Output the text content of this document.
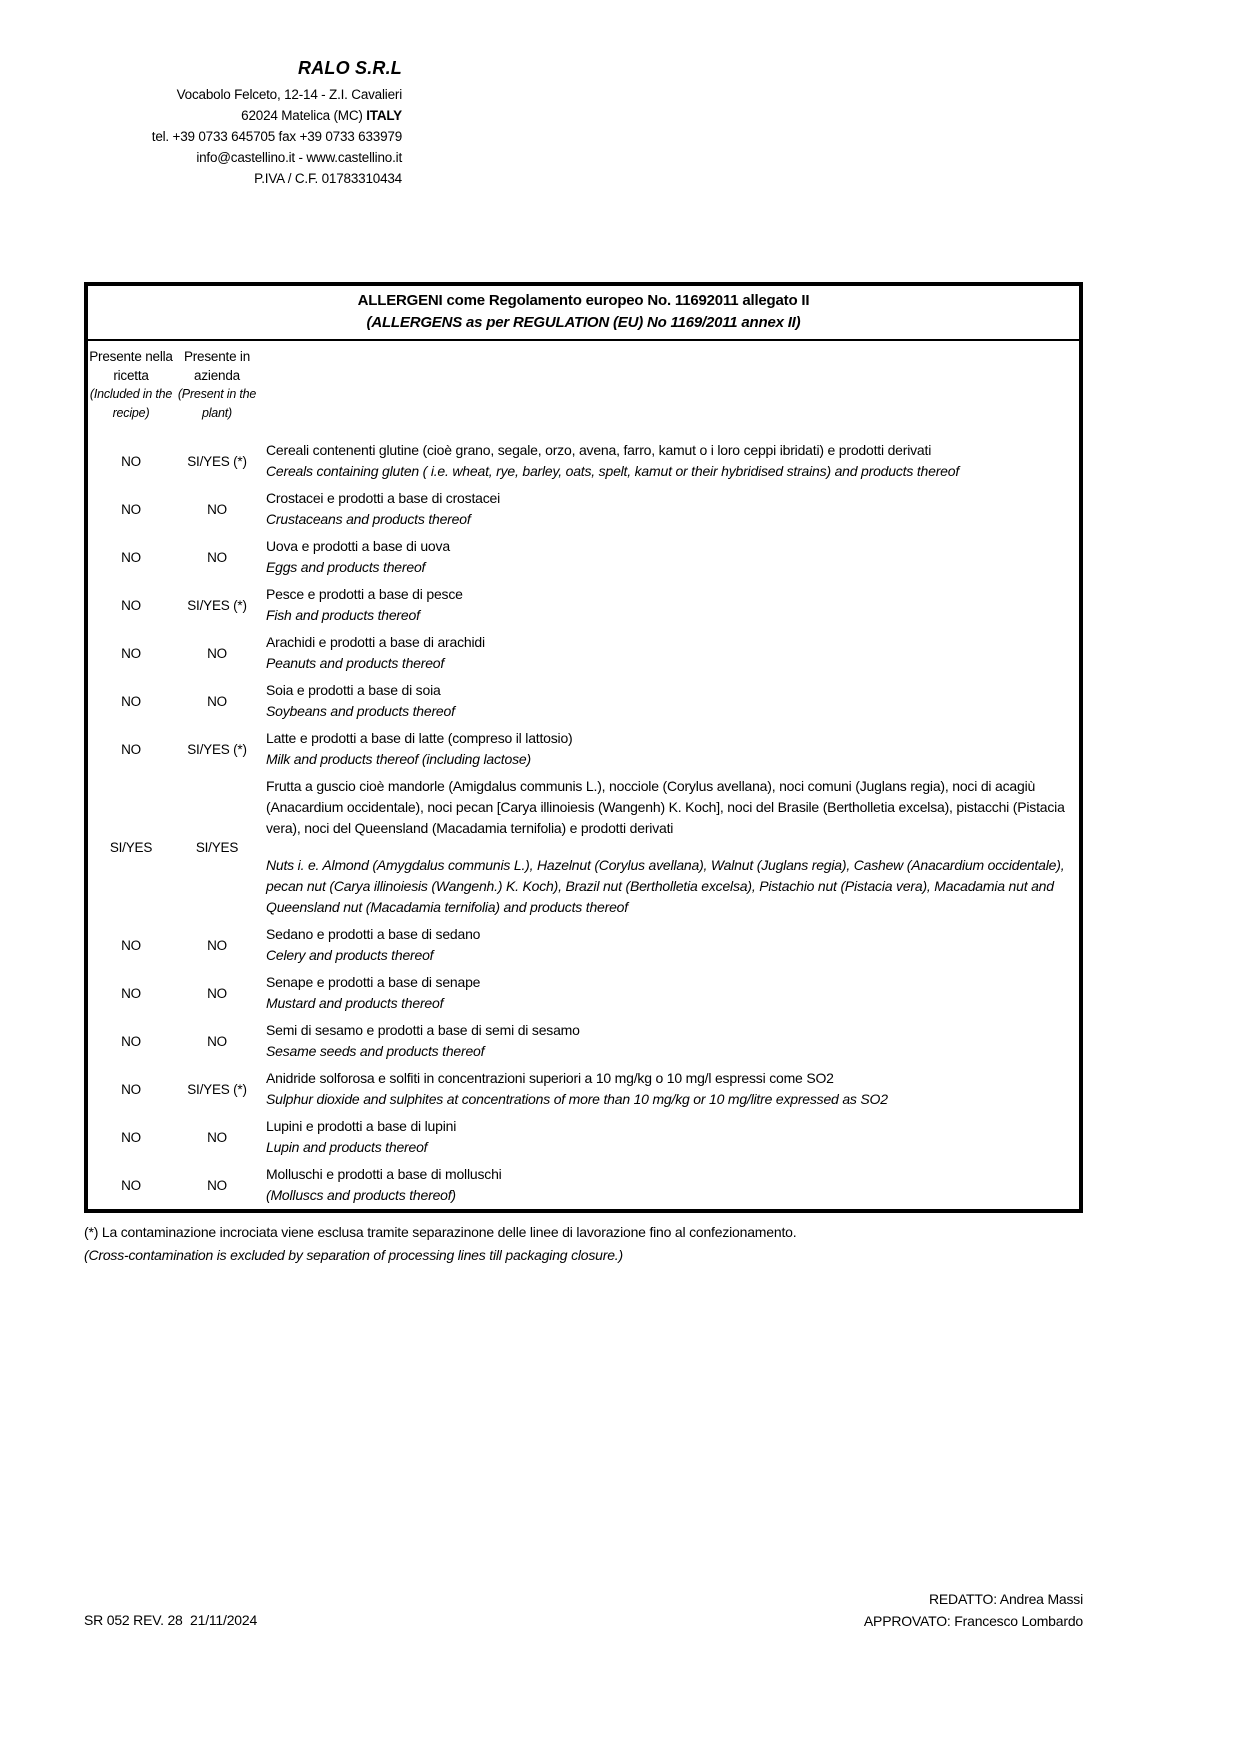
RALO S.R.L
Vocabolo Felceto, 12-14 - Z.I. Cavalieri
62024 Matelica (MC) ITALY
tel. +39 0733 645705 fax +39 0733 633979
info@castellino.it - www.castellino.it
P.IVA / C.F. 01783310434
ALLERGENI come Regolamento europeo No. 11692011 allegato II
(ALLERGENS as per REGULATION (EU) No 1169/2011 annex II)
Presente nella ricetta
(Included in the recipe)
Presente in azienda
(Present in the plant)
NO	SI/YES (*)
Cereali contenenti glutine (cioè grano, segale, orzo, avena, farro, kamut o i loro ceppi ibridati) e prodotti derivati
Cereals containing gluten ( i.e. wheat, rye, barley, oats, spelt, kamut or their hybridised strains) and products thereof
NO	NO
Crostacei e prodotti a base di crostacei
Crustaceans and products thereof
NO	NO
Uova e prodotti a base di uova
Eggs and products thereof
NO	SI/YES (*)
Pesce e prodotti a base di pesce
Fish and products thereof
NO	NO
Arachidi e prodotti a base di arachidi
Peanuts and products thereof
NO	NO
Soia e prodotti a base di soia
Soybeans and products thereof
NO	SI/YES (*)
Latte e prodotti a base di latte (compreso il lattosio)
Milk and products thereof (including lactose)
SI/YES	SI/YES
Frutta a guscio cioè mandorle (Amigdalus communis L.), nocciole (Corylus avellana), noci comuni (Juglans regia), noci di acagiù (Anacardium occidentale), noci pecan [Carya illinoiesis (Wangenh) K. Koch], noci del Brasile (Bertholletia excelsa), pistacchi (Pistacia vera), noci del Queensland (Macadamia ternifolia) e prodotti derivati
Nuts i. e. Almond (Amygdalus communis L.), Hazelnut (Corylus avellana), Walnut (Juglans regia), Cashew (Anacardium occidentale), pecan nut (Carya illinoiesis (Wangenh.) K. Koch), Brazil nut (Bertholletia excelsa), Pistachio nut (Pistacia vera), Macadamia nut and Queensland nut (Macadamia ternifolia) and products thereof
NO	NO
Sedano e prodotti a base di sedano
Celery and products thereof
NO	NO
Senape e prodotti a base di senape
Mustard and products thereof
NO	NO
Semi di sesamo e prodotti a base di semi di sesamo
Sesame seeds and products thereof
NO	SI/YES (*)
Anidride solforosa e solfiti in concentrazioni superiori a 10 mg/kg o 10 mg/l espressi come SO2
Sulphur dioxide and sulphites at concentrations of more than 10 mg/kg or 10 mg/litre expressed as SO2
NO	NO
Lupini e prodotti a base di lupini
Lupin and products thereof
NO	NO
Molluschi e prodotti a base di molluschi
(Molluscs and products thereof)
(*) La contaminazione incrociata viene esclusa tramite separazinone delle linee di lavorazione fino al confezionamento.
(Cross-contamination is excluded by separation of processing lines till packaging closure.)
SR 052 REV. 28  21/11/2024
REDATTO: Andrea Massi
APPROVATO: Francesco Lombardo
